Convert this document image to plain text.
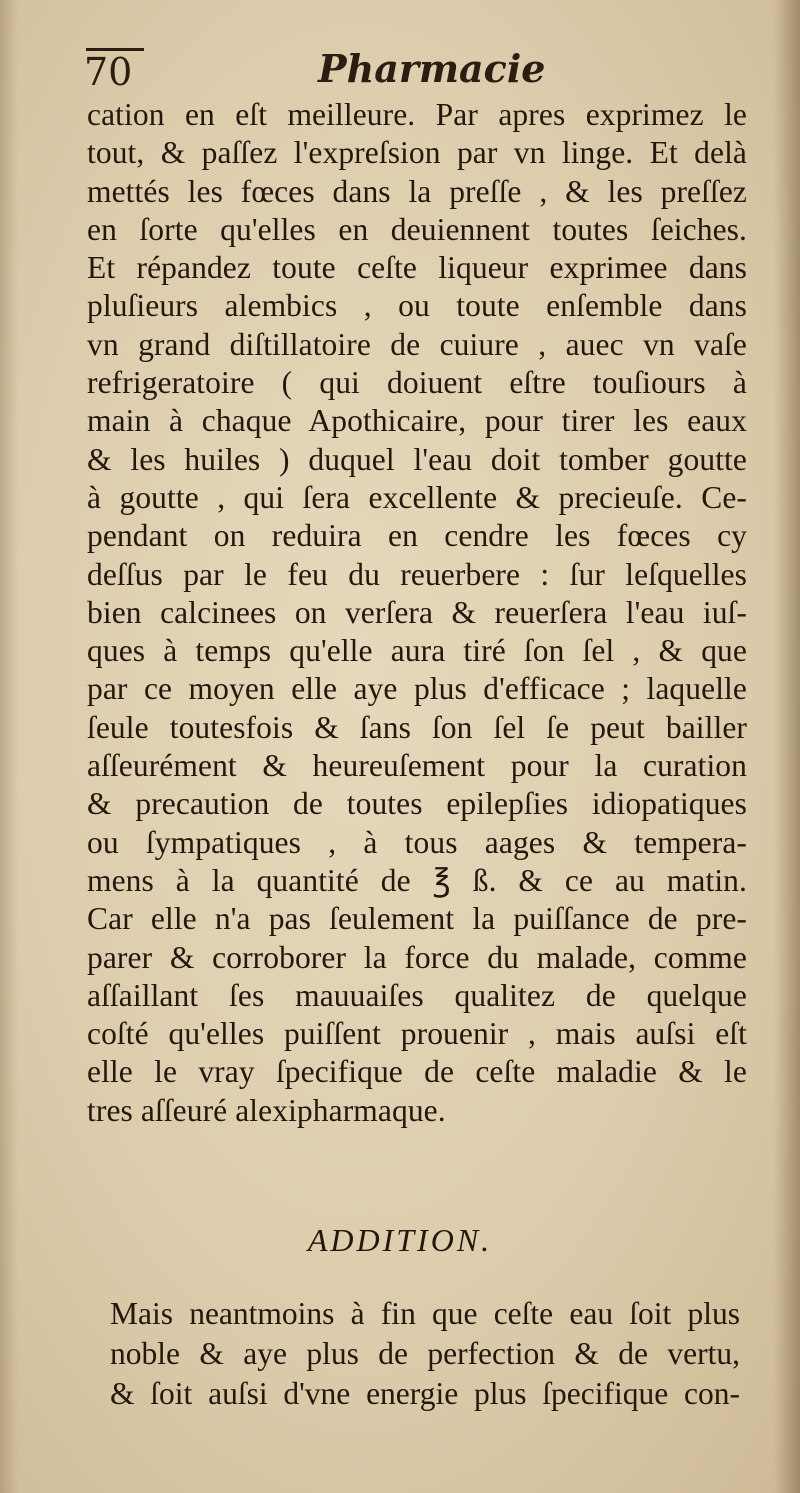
70	Pharmacie
cation en eſt meilleure. Par apres exprimez le
tout, & paſſez l'expreſsion par vn linge. Et delà
mettés les fœces dans la preſſe , & les preſſez
en ſorte qu'elles en deuiennent toutes ſeiches.
Et répandez toute ceſte liqueur exprimee dans
pluſieurs alembics , ou toute enſemble dans
vn grand diſtillatoire de cuiure , auec vn vaſe
refrigeratoire ( qui doiuent eſtre touſiours à
main à chaque Apothicaire, pour tirer les eaux
& les huiles ) duquel l'eau doit tomber goutte
à goutte , qui ſera excellente & precieuſe. Ce-
pendant on reduira en cendre les fœces cy
deſſus par le feu du reuerbere : ſur leſquelles
bien calcinees on verſera & reuerſera l'eau iuſ-
ques à temps qu'elle aura tiré ſon ſel , & que
par ce moyen elle aye plus d'efficace ; laquelle
ſeule toutesfois & ſans ſon ſel ſe peut bailler
aſſeurément & heureuſement pour la curation
& precaution de toutes epilepſies idiopatiques
ou ſympatiques , à tous aages & tempera-
mens à la quantité de ℥ ß. & ce au matin.
Car elle n'a pas ſeulement la puiſſance de pre-
parer & corroborer la force du malade, comme
aſſaillant ſes mauuaiſes qualitez de quelque
coſté qu'elles puiſſent prouenir , mais auſsi eſt
elle le vray ſpecifique de ceſte maladie & le
tres aſſeuré alexipharmaque.
ADDITION.
Mais neantmoins à fin que ceſte eau ſoit plus
noble & aye plus de perfection & de vertu,
& ſoit auſsi d'vne energie plus ſpecifique con-
